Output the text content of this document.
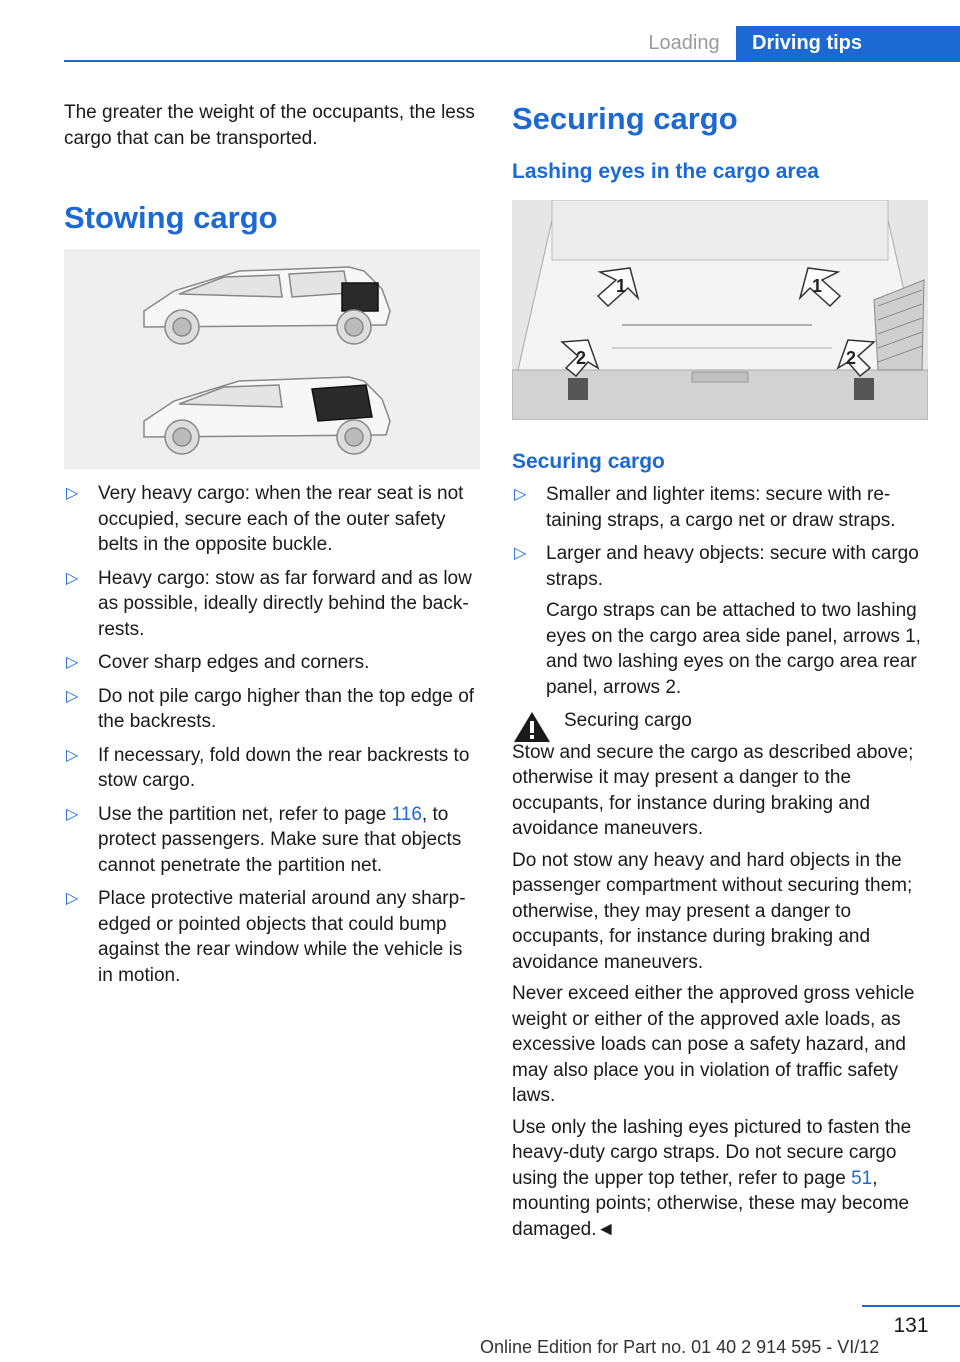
Loading	Driving tips

The greater the weight of the occupants, the less cargo that can be transported.

Stowing cargo
▷ Very heavy cargo: when the rear seat is not occupied, secure each of the outer safety belts in the opposite buckle.
▷ Heavy cargo: stow as far forward and as low as possible, ideally directly behind the back-rests.
▷ Cover sharp edges and corners.
▷ Do not pile cargo higher than the top edge of the backrests.
▷ If necessary, fold down the rear backrests to stow cargo.
▷ Use the partition net, refer to page 116, to protect passengers. Make sure that objects cannot penetrate the partition net.
▷ Place protective material around any sharp-edged or pointed objects that could bump against the rear window while the vehicle is in motion.
Securing cargo
Lashing eyes in the cargo area
1	1
2	2
Securing cargo
▷ Smaller and lighter items: secure with re-taining straps, a cargo net or draw straps.
▷ Larger and heavy objects: secure with cargo straps.
Cargo straps can be attached to two lashing eyes on the cargo area side panel, arrows 1, and two lashing eyes on the cargo area rear panel, arrows 2.
Securing cargo

Stow and secure the cargo as described above; otherwise it may present a danger to the occupants, for instance during braking and avoidance maneuvers.

Do not stow any heavy and hard objects in the passenger compartment without securing them; otherwise, they may present a danger to occupants, for instance during braking and avoidance maneuvers.

Never exceed either the approved gross vehicle weight or either of the approved axle loads, as excessive loads can pose a safety hazard, and may also place you in violation of traffic safety laws.

Use only the lashing eyes pictured to fasten the heavy-duty cargo straps. Do not secure cargo using the upper top tether, refer to page 51, mounting points; otherwise, these may become damaged.◄

131
Online Edition for Part no. 01 40 2 914 595 - VI/12
